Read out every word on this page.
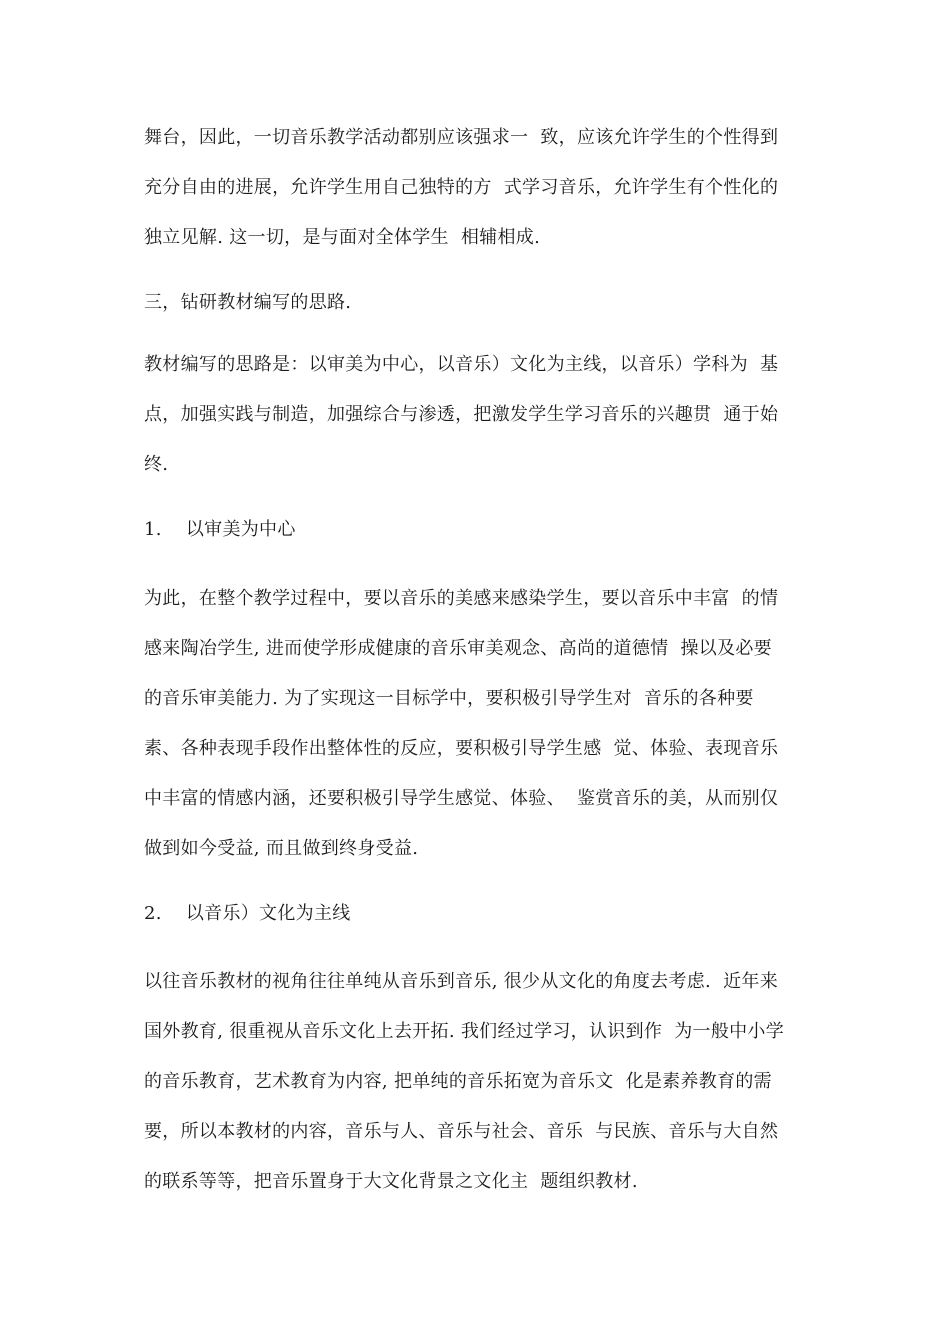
舞台，因此，一切音乐教学活动都别应该强求一  致，应该允许学生的个性得到
充分自由的进展，允许学生用自己独特的方  式学习音乐，允许学生有个性化的
独立见解. 这一切，是与面对全体学生  相辅相成.
三，钻研教材编写的思路.
教材编写的思路是：以审美为中心，以音乐）文化为主线，以音乐）学科为  基
点，加强实践与制造，加强综合与渗透，把激发学生学习音乐的兴趣贯  通于始
终.
1.    以审美为中心
为此，在整个教学过程中，要以音乐的美感来感染学生，要以音乐中丰富  的情
感来陶冶学生, 进而使学形成健康的音乐审美观念、高尚的道德情  操以及必要
的音乐审美能力. 为了实现这一目标学中，要积极引导学生对  音乐的各种要
素、各种表现手段作出整体性的反应，要积极引导学生感  觉、体验、表现音乐
中丰富的情感内涵，还要积极引导学生感觉、体验、  鉴赏音乐的美，从而别仅
做到如今受益, 而且做到终身受益.
2.    以音乐）文化为主线
以往音乐教材的视角往往单纯从音乐到音乐, 很少从文化的角度去考虑.  近年来
国外教育, 很重视从音乐文化上去开拓. 我们经过学习，认识到作  为一般中小学
的音乐教育，艺术教育为内容, 把单纯的音乐拓宽为音乐文  化是素养教育的需
要，所以本教材的内容，音乐与人、音乐与社会、音乐  与民族、音乐与大自然
的联系等等，把音乐置身于大文化背景之文化主  题组织教材.
